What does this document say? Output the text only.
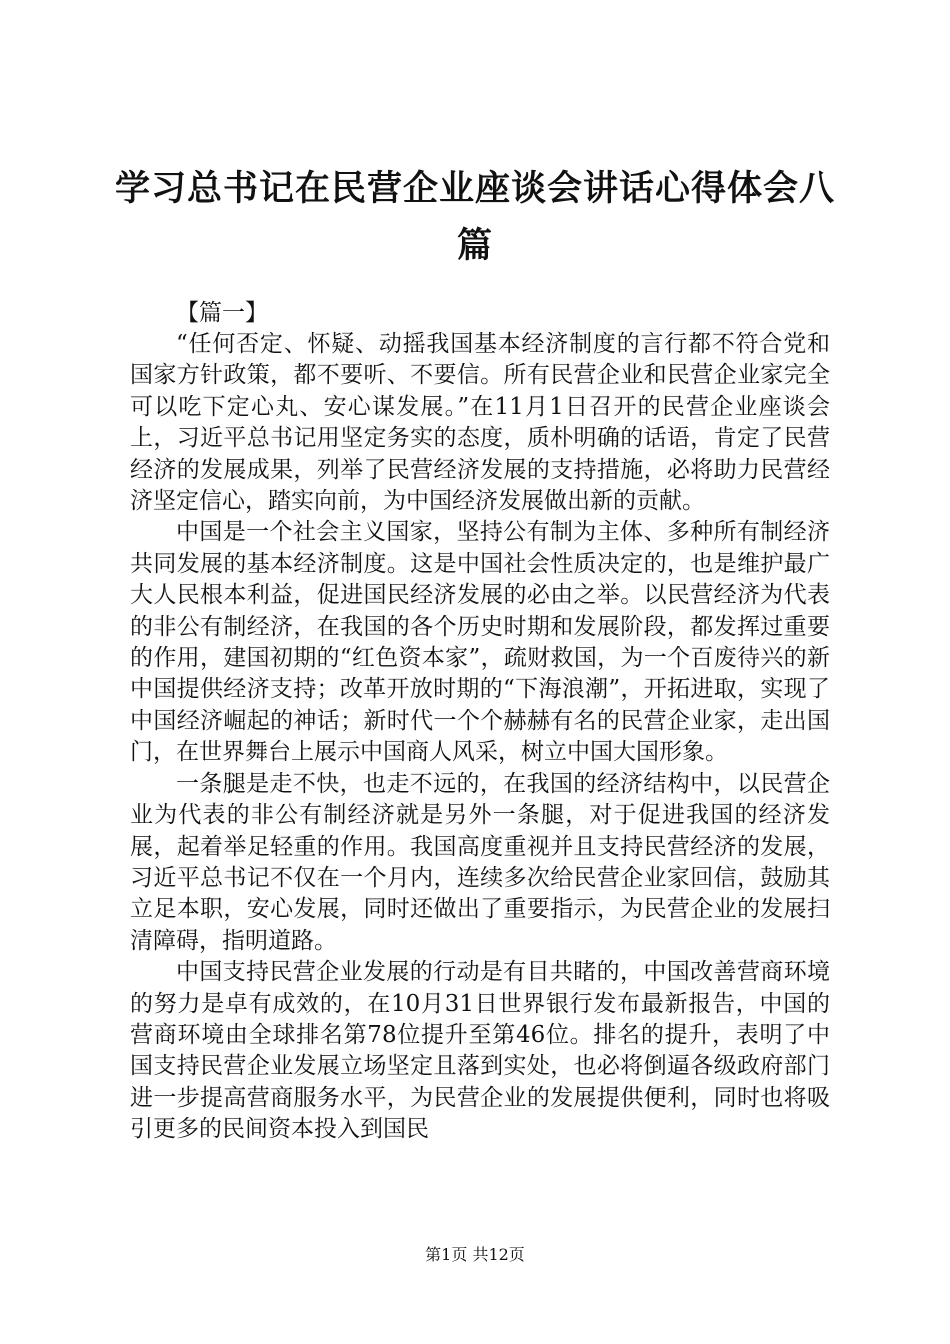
学习总书记在民营企业座谈会讲话心得体会八篇

【篇一】

“任何否定、怀疑、动摇我国基本经济制度的言行都不符合党和国家方针政策，都不要听、不要信。所有民营企业和民营企业家完全可以吃下定心丸、安心谋发展。”在11月1日召开的民营企业座谈会上，习近平总书记用坚定务实的态度，质朴明确的话语，肯定了民营经济的发展成果，列举了民营经济发展的支持措施，必将助力民营经济坚定信心，踏实向前，为中国经济发展做出新的贡献。

中国是一个社会主义国家，坚持公有制为主体、多种所有制经济共同发展的基本经济制度。这是中国社会性质决定的，也是维护最广大人民根本利益，促进国民经济发展的必由之举。以民营经济为代表的非公有制经济，在我国的各个历史时期和发展阶段，都发挥过重要的作用，建国初期的“红色资本家”，疏财救国，为一个百废待兴的新中国提供经济支持；改革开放时期的“下海浪潮”，开拓进取，实现了中国经济崛起的神话；新时代一个个赫赫有名的民营企业家，走出国门，在世界舞台上展示中国商人风采，树立中国大国形象。

一条腿是走不快，也走不远的，在我国的经济结构中，以民营企业为代表的非公有制经济就是另外一条腿，对于促进我国的经济发展，起着举足轻重的作用。我国高度重视并且支持民营经济的发展，习近平总书记不仅在一个月内，连续多次给民营企业家回信，鼓励其立足本职，安心发展，同时还做出了重要指示，为民营企业的发展扫清障碍，指明道路。

中国支持民营企业发展的行动是有目共睹的，中国改善营商环境的努力是卓有成效的，在10月31日世界银行发布最新报告，中国的营商环境由全球排名第78位提升至第46位。排名的提升，表明了中国支持民营企业发展立场坚定且落到实处，也必将倒逼各级政府部门进一步提高营商服务水平，为民营企业的发展提供便利，同时也将吸引更多的民间资本投入到国民

第1页 共12页
